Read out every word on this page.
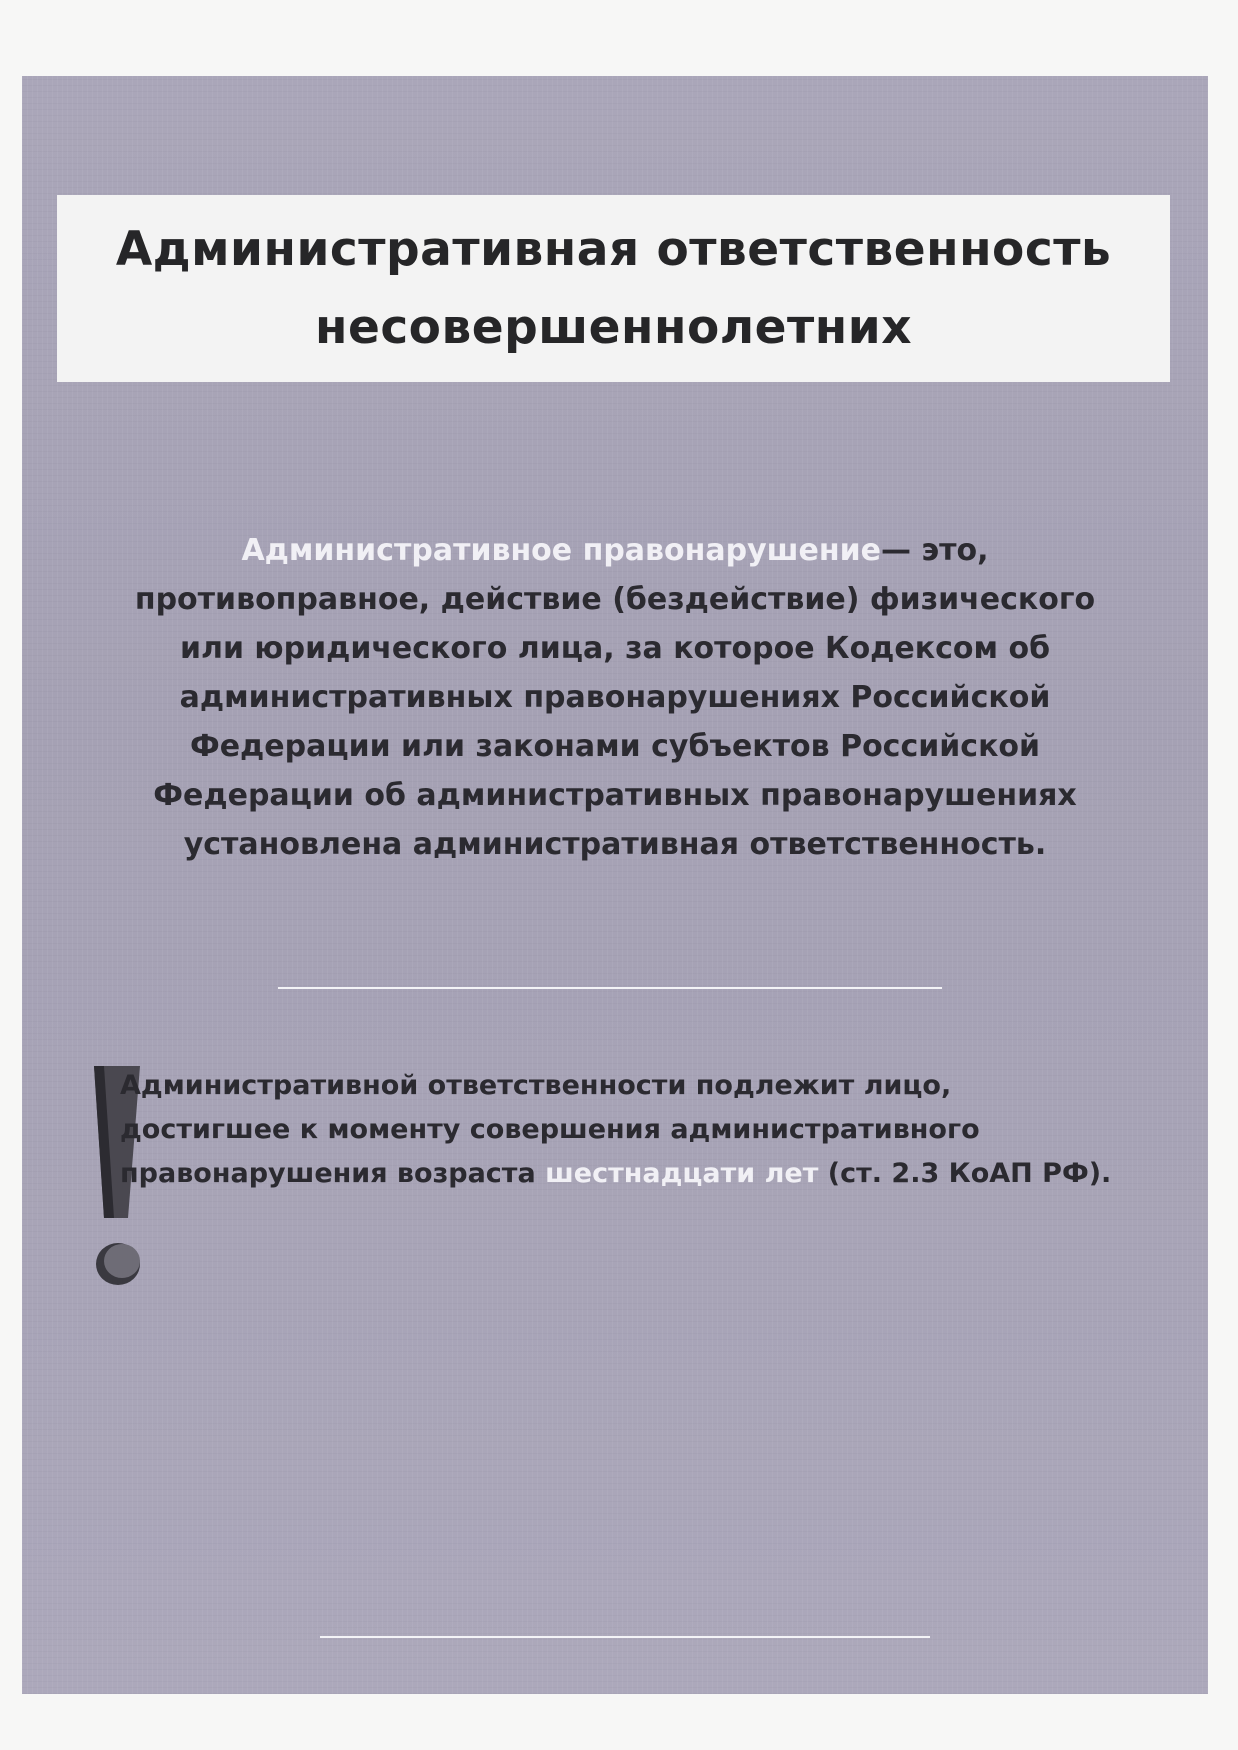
Административная ответственность
несовершеннолетних
Административное правонарушение— это,
противоправное, действие (бездействие) физического
или юридического лица, за которое Кодексом об
административных правонарушениях Российской
Федерации или законами субъектов Российской
Федерации об административных правонарушениях
установлена административная ответственность.
Административной ответственности подлежит лицо,
достигшее к моменту совершения административного
правонарушения возраста шестнадцати лет (ст. 2.3 КоАП РФ).
